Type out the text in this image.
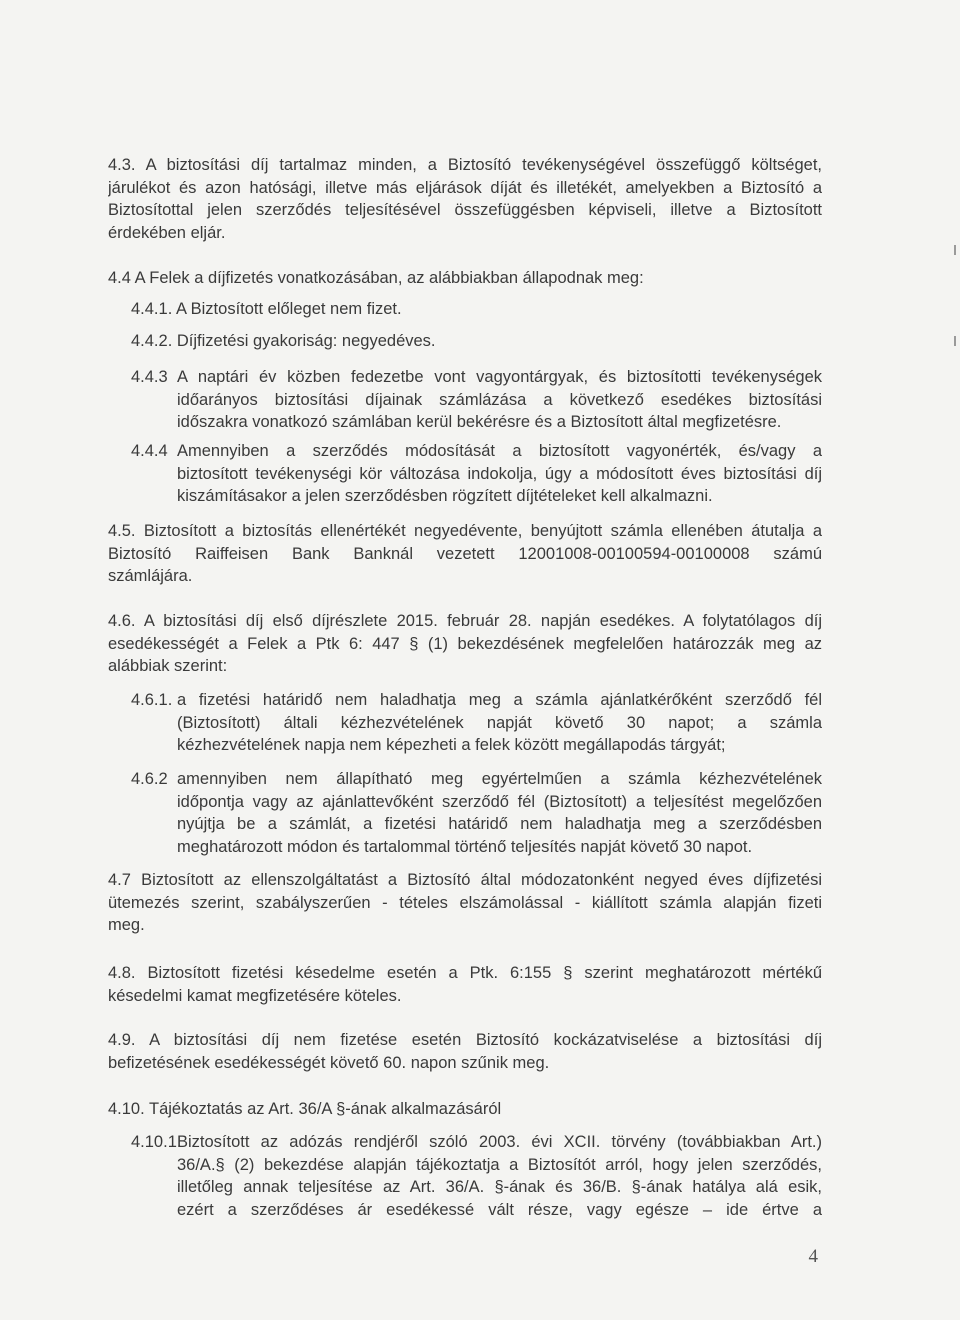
4.3. A biztosítási díj tartalmaz minden, a Biztosító tevékenységével összefüggő költséget,
járulékot és azon hatósági, illetve más eljárások díját és illetékét, amelyekben a Biztosító a
Biztosítottal jelen szerződés teljesítésével összefüggésben képviseli, illetve a Biztosított
érdekében eljár.
4.4 A Felek a díjfizetés vonatkozásában, az alábbiakban állapodnak meg:
4.4.1. A Biztosított előleget nem fizet.
4.4.2. Díjfizetési gyakoriság: negyedéves.
4.4.3 A naptári év közben fedezetbe vont vagyontárgyak, és biztosítotti tevékenységek
időarányos biztosítási díjainak számlázása a következő esedékes biztosítási
időszakra vonatkozó számlában kerül bekérésre és a Biztosított által megfizetésre.
4.4.4 Amennyiben a szerződés módosítását a biztosított vagyonérték, és/vagy a
biztosított tevékenységi kör változása indokolja, úgy a módosított éves biztosítási díj
kiszámításakor a jelen szerződésben rögzített díjtételeket kell alkalmazni.
4.5. Biztosított a biztosítás ellenértékét negyedévente, benyújtott számla ellenében átutalja a
Biztosító Raiffeisen Bank Banknál vezetett 12001008-00100594-00100008 számú
számlájára.
4.6. A biztosítási díj első díjrészlete 2015. február 28. napján esedékes. A folytatólagos díj
esedékességét a Felek a Ptk 6: 447 § (1) bekezdésének megfelelően határozzák meg az
alábbiak szerint:
4.6.1. a fizetési határidő nem haladhatja meg a számla ajánlatkérőként szerződő fél
(Biztosított) általi kézhezvételének napját követő 30 napot; a számla
kézhezvételének napja nem képezheti a felek között megállapodás tárgyát;
4.6.2 amennyiben nem állapítható meg egyértelműen a számla kézhezvételének
időpontja vagy az ajánlattevőként szerződő fél (Biztosított) a teljesítést megelőzően
nyújtja be a számlát, a fizetési határidő nem haladhatja meg a szerződésben
meghatározott módon és tartalommal történő teljesítés napját követő 30 napot.
4.7 Biztosított az ellenszolgáltatást a Biztosító által módozatonként negyed éves díjfizetési
ütemezés szerint, szabályszerűen - tételes elszámolással - kiállított számla alapján fizeti
meg.
4.8. Biztosított fizetési késedelme esetén a Ptk. 6:155 § szerint meghatározott mértékű
késedelmi kamat megfizetésére köteles.
4.9. A biztosítási díj nem fizetése esetén Biztosító kockázatviselése a biztosítási díj
befizetésének esedékességét követő 60. napon szűnik meg.
4.10. Tájékoztatás az Art. 36/A §-ának alkalmazásáról
4.10.1.
Biztosított az adózás rendjéről szóló 2003. évi XCII. törvény (továbbiakban Art.)
36/A.§ (2) bekezdése alapján tájékoztatja a Biztosítót arról, hogy jelen szerződés,
illetőleg annak teljesítése az Art. 36/A. §-ának és 36/B. §-ának hatálya alá esik,
ezért a szerződéses ár esedékessé vált része, vagy egésze – ide értve a
4
